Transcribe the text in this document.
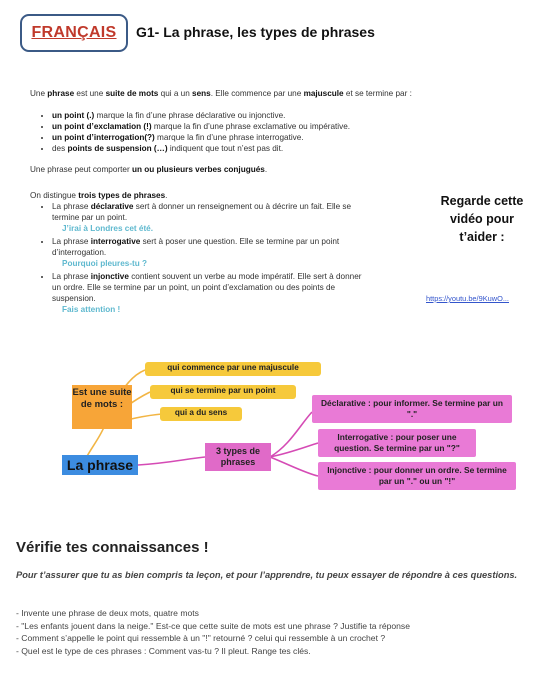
FRANÇAIS G1- La phrase, les types de phrases
Une phrase est une suite de mots qui a un sens. Elle commence par une majuscule et se termine par :
• un point (.) marque la fin d’une phrase déclarative ou injonctive.
• un point d’exclamation (!) marque la fin d’une phrase exclamative ou impérative.
• un point d’interrogation(?) marque la fin d’une phrase interrogative.
• des points de suspension (…) indiquent que tout n’est pas dit.
Une phrase peut comporter un ou plusieurs verbes conjugués.
On distingue trois types de phrases.
• La phrase déclarative sert à donner un renseignement ou à décrire un fait. Elle se termine par un point.
J’irai à Londres cet été.
• La phrase interrogative sert à poser une question. Elle se termine par un point d’interrogation.
Pourquoi pleures-tu ?
• La phrase injonctive contient souvent un verbe au mode impératif. Elle sert à donner un ordre. Elle se termine par un point, un point d’exclamation ou des points de suspension.
Fais attention !
Regarde cette vidéo pour t’aider :
https://youtu.be/9KuwO...
La phrase
Est une suite de mots :
qui commence par une majuscule
qui se termine par un point
qui a du sens
3 types de phrases
Déclarative : pour informer. Se termine par un "."
Interrogative : pour poser une question. Se termine par un "?"
Injonctive : pour donner un ordre. Se termine par un "." ou un "!"
Vérifie tes connaissances !
Pour t’assurer que tu as bien compris ta leçon, et pour l’apprendre, tu peux essayer de répondre à ces questions.
- Invente une phrase de deux mots, quatre mots
- "Les enfants jouent dans la neige." Est-ce que cette suite de mots est une phrase ? Justifie ta réponse
- Comment s’appelle le point qui ressemble à un "!" retourné ? celui qui ressemble à un crochet ?
- Quel est le type de ces phrases : Comment vas-tu ? Il pleut. Range tes clés.
